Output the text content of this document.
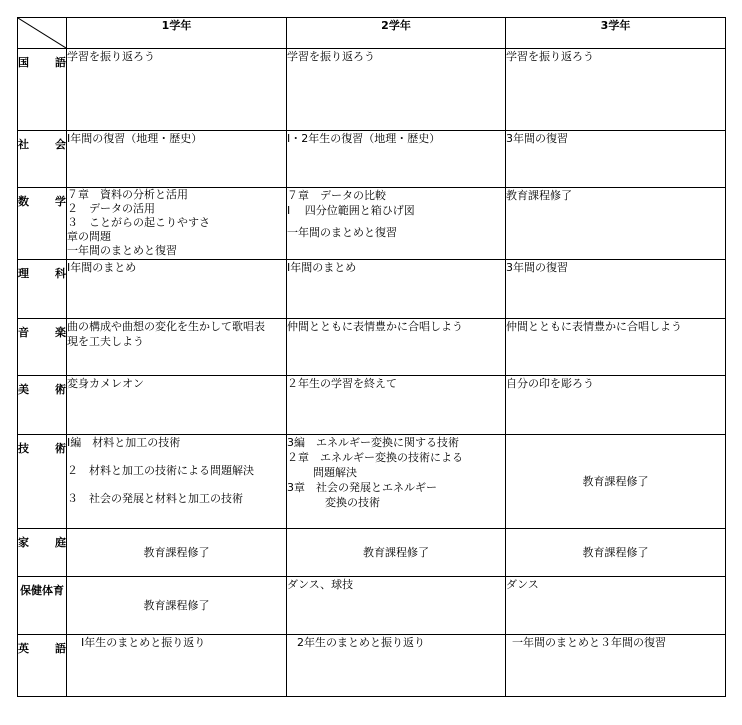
	1学年	2学年	3学年

国 語	学習を振り返ろう	学習を振り返ろう	学習を振り返ろう

社 会	Ⅰ年間の復習（地理・歴史）	Ⅰ・2年生の復習（地理・歴史）	3年間の復習

数 学	７章　資料の分析と活用
２　データの活用
３　ことがらの起こりやすさ
章の問題
一年間のまとめと復習	７章　データの比較
Ⅰ　 四分位範囲と箱ひげ図
一年間のまとめと復習	教育課程修了

理 科	Ⅰ年間のまとめ	Ⅰ年間のまとめ	3年間の復習

音 楽	曲の構成や曲想の変化を生かして歌唱表
現を工夫しよう	仲間とともに表情豊かに合唱しよう	仲間とともに表情豊かに合唱しよう

美 術	変身カメレオン	２年生の学習を終えて	自分の印を彫ろう

技 術	Ⅰ編　材料と加工の技術
２　材料と加工の技術による問題解決
３　社会の発展と材料と加工の技術	3編　エネルギー変換に関する技術
２章　エネルギー変換の技術による
問題解決
3章　社会の発展とエネルギー
変換の技術	教育課程修了

家 庭	教育課程修了	教育課程修了	教育課程修了

保健体育	教育課程修了	ダンス、球技	ダンス

英 語	Ⅰ年生のまとめと振り返り	2年生のまとめと振り返り	一年間のまとめと３年間の復習
